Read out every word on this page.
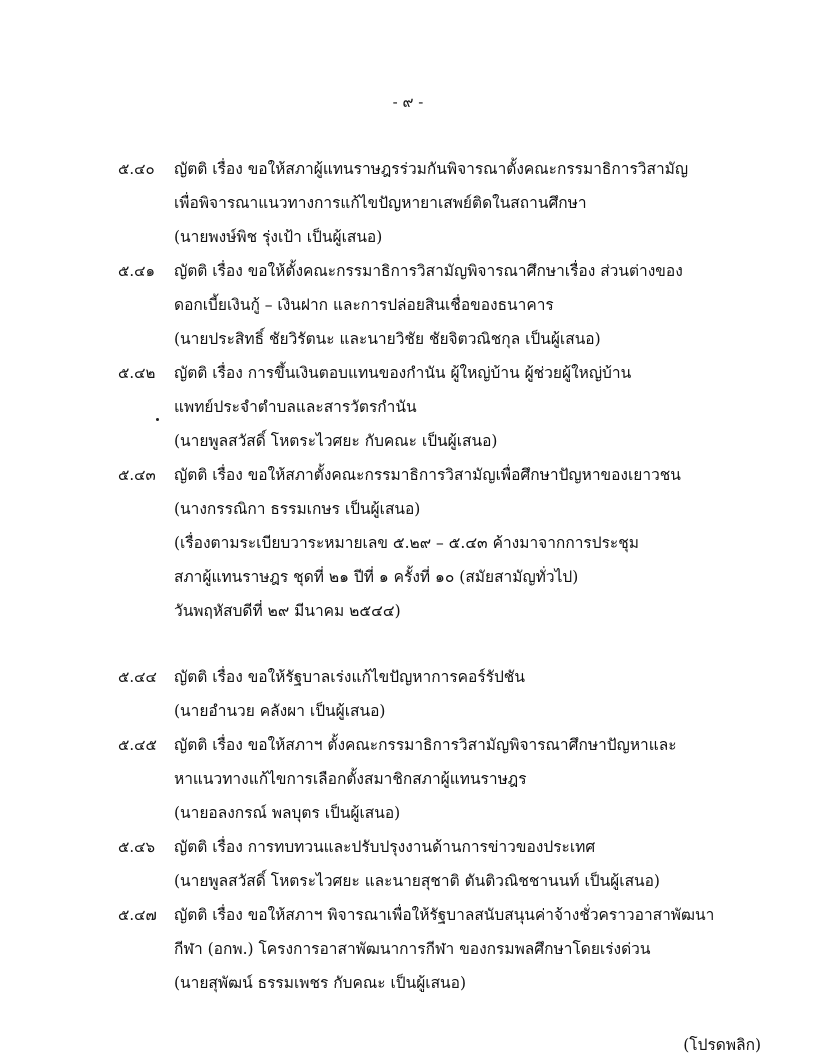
- ๙ -
๕.๔๐	ญัตติ เรื่อง ขอให้สภาผู้แทนราษฎรร่วมกันพิจารณาตั้งคณะกรรมาธิการวิสามัญ
เพื่อพิจารณาแนวทางการแก้ไขปัญหายาเสพย์ติดในสถานศึกษา
(นายพงษ์พิช รุ่งเป้า เป็นผู้เสนอ)
๕.๔๑	ญัตติ เรื่อง ขอให้ตั้งคณะกรรมาธิการวิสามัญพิจารณาศึกษาเรื่อง ส่วนต่างของ
ดอกเบี้ยเงินกู้ – เงินฝาก และการปล่อยสินเชื่อของธนาคาร
(นายประสิทธิ์ ชัยวิรัตนะ และนายวิชัย ชัยจิตวณิชกุล เป็นผู้เสนอ)
๕.๔๒	ญัตติ เรื่อง การขึ้นเงินตอบแทนของกำนัน ผู้ใหญ่บ้าน ผู้ช่วยผู้ใหญ่บ้าน
แพทย์ประจำตำบลและสารวัตรกำนัน
(นายพูลสวัสดิ์ โหตระไวศยะ กับคณะ เป็นผู้เสนอ)
๕.๔๓	ญัตติ เรื่อง ขอให้สภาตั้งคณะกรรมาธิการวิสามัญเพื่อศึกษาปัญหาของเยาวชน
(นางกรรณิกา ธรรมเกษร เป็นผู้เสนอ)
(เรื่องตามระเบียบวาระหมายเลข ๕.๒๙ – ๕.๔๓ ค้างมาจากการประชุม
สภาผู้แทนราษฎร ชุดที่ ๒๑ ปีที่ ๑ ครั้งที่ ๑๐ (สมัยสามัญทั่วไป)
วันพฤหัสบดีที่ ๒๙ มีนาคม ๒๕๔๔)
๕.๔๔	ญัตติ เรื่อง ขอให้รัฐบาลเร่งแก้ไขปัญหาการคอร์รัปชัน
(นายอำนวย คลังผา เป็นผู้เสนอ)
๕.๔๕	ญัตติ เรื่อง ขอให้สภาฯ ตั้งคณะกรรมาธิการวิสามัญพิจารณาศึกษาปัญหาและ
หาแนวทางแก้ไขการเลือกตั้งสมาชิกสภาผู้แทนราษฎร
(นายอลงกรณ์ พลบุตร เป็นผู้เสนอ)
๕.๔๖	ญัตติ เรื่อง การทบทวนและปรับปรุงงานด้านการข่าวของประเทศ
(นายพูลสวัสดิ์ โหตระไวศยะ และนายสุชาติ ตันติวณิชชานนท์ เป็นผู้เสนอ)
๕.๔๗	ญัตติ เรื่อง ขอให้สภาฯ พิจารณาเพื่อให้รัฐบาลสนับสนุนค่าจ้างชั่วคราวอาสาพัฒนา
กีฬา (อกพ.) โครงการอาสาพัฒนาการกีฬา ของกรมพลศึกษาโดยเร่งด่วน
(นายสุพัฒน์ ธรรมเพชร กับคณะ เป็นผู้เสนอ)
(โปรดพลิก)
